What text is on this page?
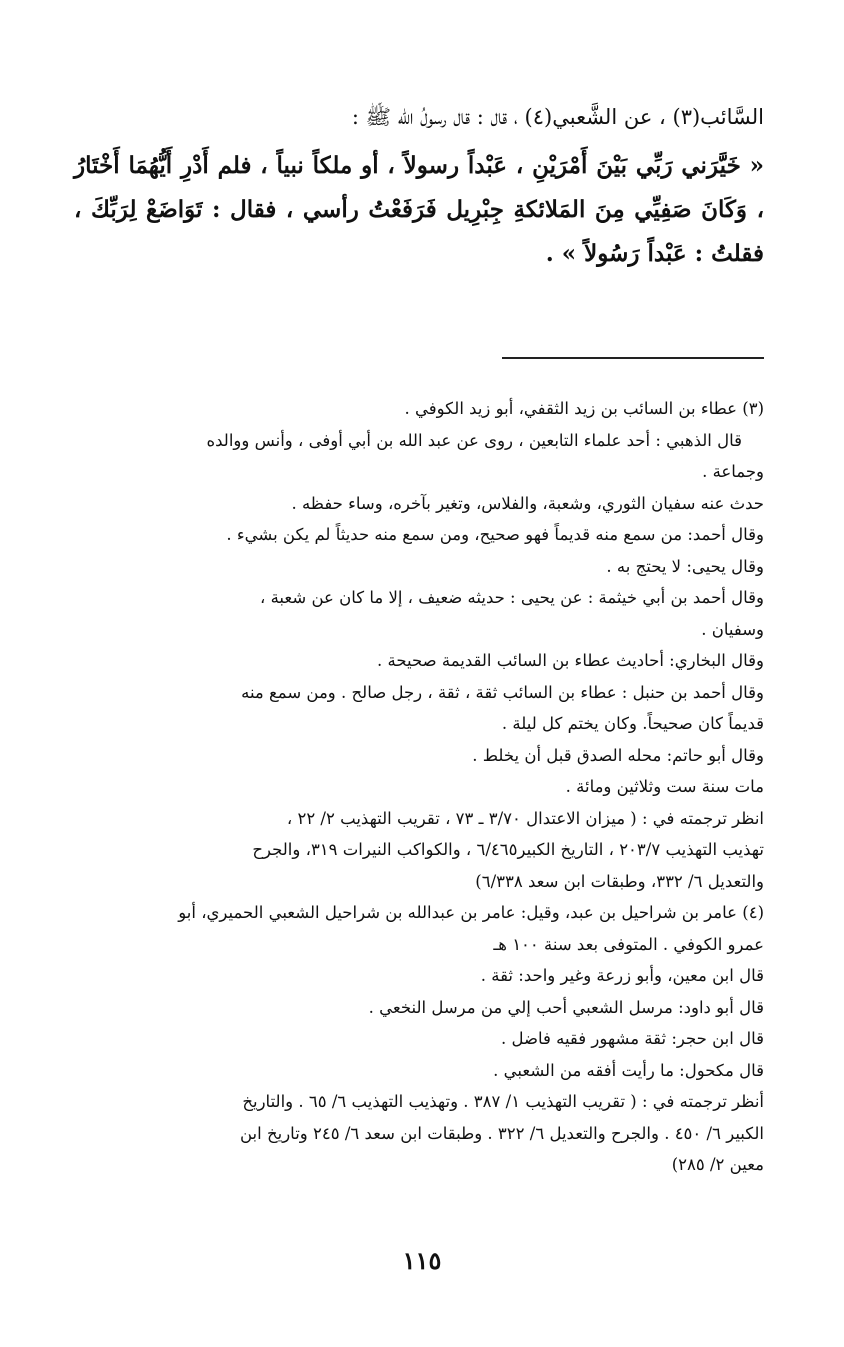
السَّائب(٣) ، عن الشَّعبي(٤) ، قال : قال رسولُ الله ﷺ :
« خَيَّرَني رَبِّي بَيْنَ أَمْرَيْنِ ، عَبْداً رسولاً ، أو ملكاً نبياً ، فلم أَدْرِ أَيُّهُمَا أَخْتَارُ ، وَكَانَ صَفِيِّي مِنَ المَلائكةِ جِبْرِيل فَرَفَعْتُ رأسي ، فقال : تَوَاضَعْ لِرَبِّكَ ، فقلتُ : عَبْداً رَسُولاً » .
(٣) عطاء بن السائب بن زيد الثقفي، أبو زيد الكوفي .
قال الذهبي : أحد علماء التابعين ، روى عن عبد الله بن أبي أوفى ، وأنس ووالده
وجماعة .
حدث عنه سفيان الثوري، وشعبة، والفلاس، وتغير بآخره، وساء حفظه .
وقال أحمد: من سمع منه قديماً فهو صحيح، ومن سمع منه حديثاً لم يكن بشيء .
وقال يحيى: لا يحتج به .
وقال أحمد بن أبي خيثمة : عن يحيى : حديثه ضعيف ، إلا ما كان عن شعبة ،
وسفيان .
وقال البخاري: أحاديث عطاء بن السائب القديمة صحيحة .
وقال أحمد بن حنبل : عطاء بن السائب ثقة ، ثقة ، رجل صالح . ومن سمع منه
قديماً كان صحيحاً. وكان يختم كل ليلة .
وقال أبو حاتم: محله الصدق قبل أن يخلط .
مات سنة ست وثلاثين ومائة .
انظر ترجمته في : ( ميزان الاعتدال ٣/٧٠ ـ ٧٣ ، تقريب التهذيب ٢/ ٢٢ ،
تهذيب التهذيب ٢٠٣/٧ ، التاريخ الكبير٦/٤٦٥ ، والكواكب النيرات ٣١٩، والجرح
والتعديل ٦/ ٣٣٢، وطبقات ابن سعد ٦/٣٣٨)
(٤) عامر بن شراحيل بن عبد، وقيل: عامر بن عبدالله بن شراحيل الشعبي الحميري، أبو
عمرو الكوفي . المتوفى بعد سنة ١٠٠ هـ
قال ابن معين، وأبو زرعة وغير واحد: ثقة .
قال أبو داود: مرسل الشعبي أحب إلي من مرسل النخعي .
قال ابن حجر: ثقة مشهور فقيه فاضل .
قال مكحول: ما رأيت أفقه من الشعبي .
أنظر ترجمته في : ( تقريب التهذيب ١/ ٣٨٧ . وتهذيب التهذيب ٦/ ٦٥ . والتاريخ
الكبير ٦/ ٤٥٠ . والجرح والتعديل ٦/ ٣٢٢ . وطبقات ابن سعد ٦/ ٢٤٥ وتاريخ ابن
معين ٢/ ٢٨٥)
١١٥
